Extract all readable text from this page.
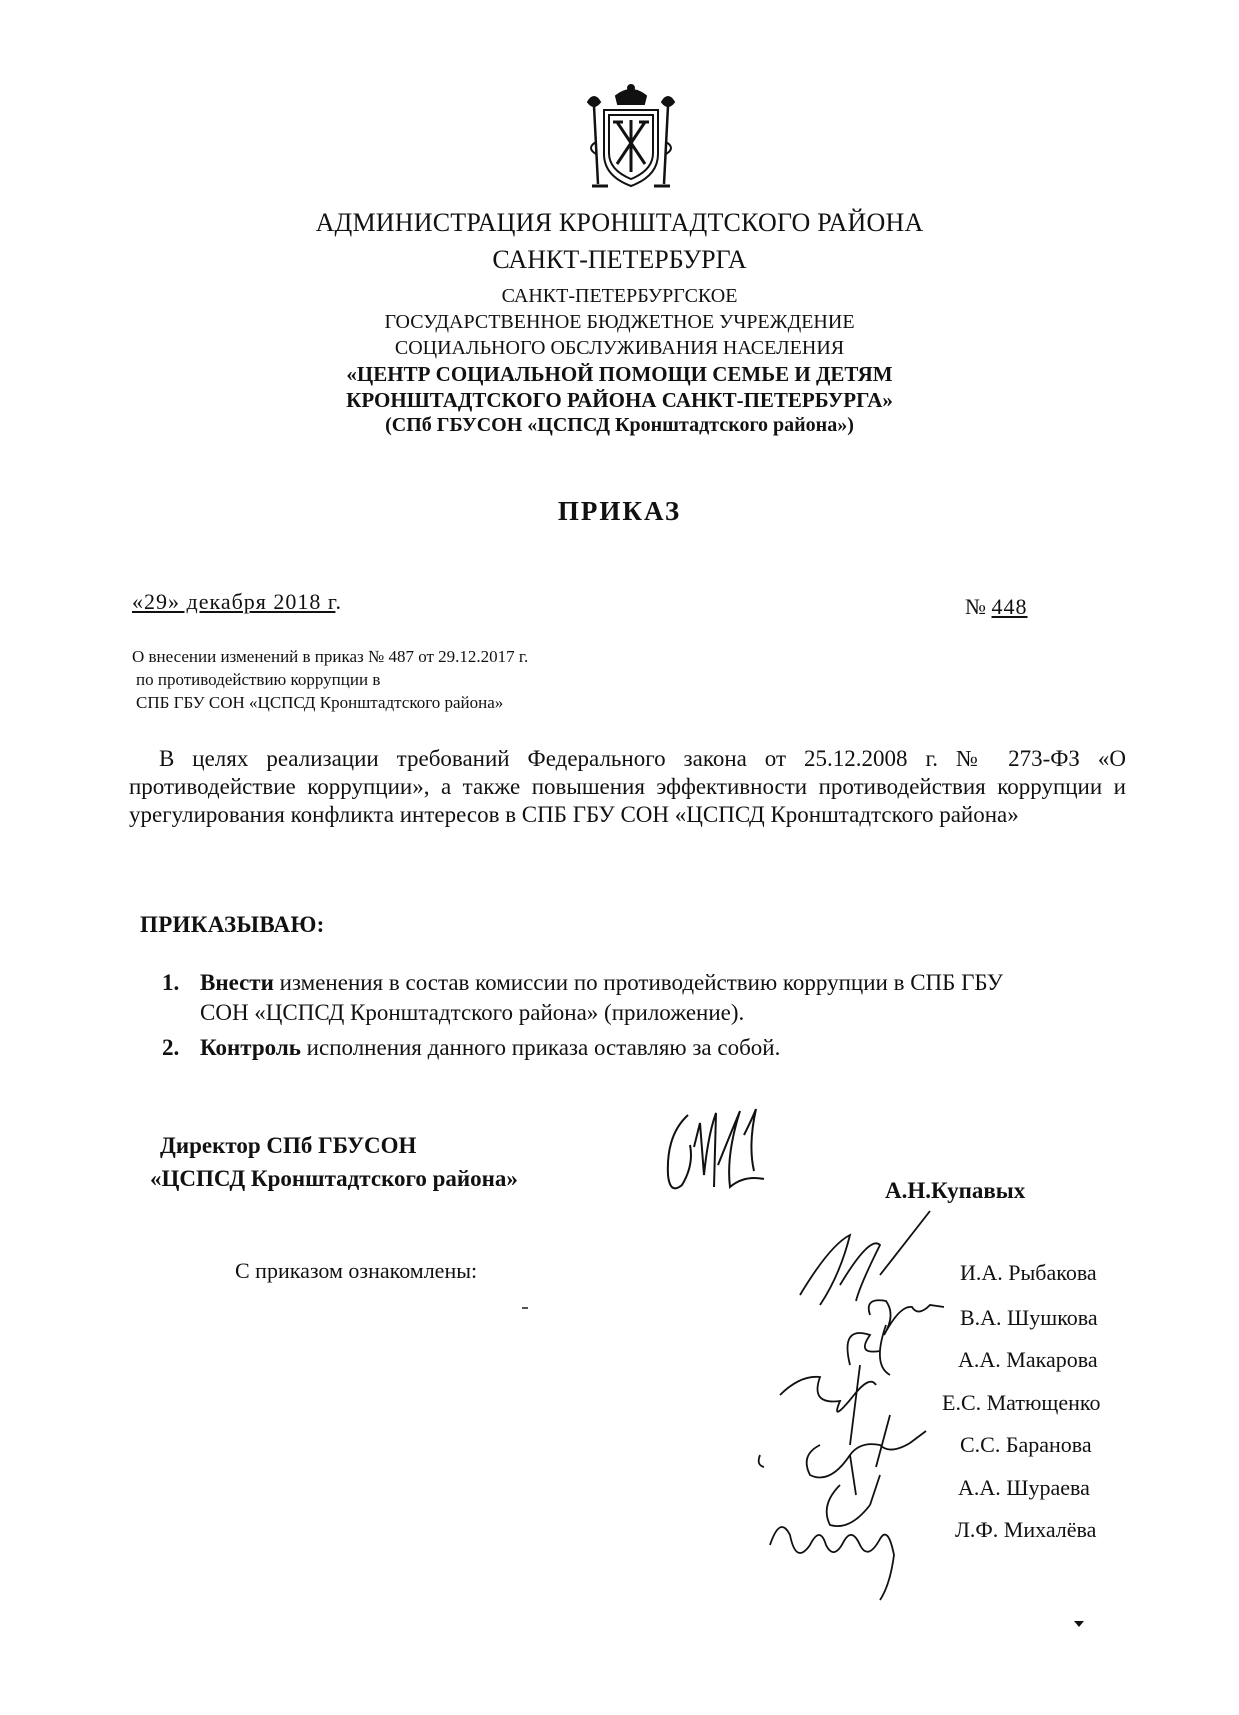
АДМИНИСТРАЦИЯ КРОНШТАДТСКОГО РАЙОНА
САНКТ-ПЕТЕРБУРГА
САНКТ-ПЕТЕРБУРГСКОЕ
ГОСУДАРСТВЕННОЕ БЮДЖЕТНОЕ УЧРЕЖДЕНИЕ
СОЦИАЛЬНОГО ОБСЛУЖИВАНИЯ НАСЕЛЕНИЯ
«ЦЕНТР СОЦИАЛЬНОЙ ПОМОЩИ СЕМЬЕ И ДЕТЯМ
КРОНШТАДТСКОГО РАЙОНА САНКТ-ПЕТЕРБУРГА»
(СПб ГБУСОН «ЦСПСД Кронштадтского района»)
ПРИКАЗ
«29» декабря 2018 г.	№ 448
О внесении изменений в приказ № 487 от 29.12.2017 г.
по противодействию коррупции в
СПБ ГБУ СОН «ЦСПСД Кронштадтского района»
В целях реализации требований Федерального закона от 25.12.2008 г. № 273-ФЗ «О противодействие коррупции», а также повышения эффективности противодействия коррупции и урегулирования конфликта интересов в СПБ ГБУ СОН «ЦСПСД Кронштадтского района»
ПРИКАЗЫВАЮ:
1. Внести изменения в состав комиссии по противодействию коррупции в СПБ ГБУ
СОН «ЦСПСД Кронштадтского района» (приложение).
2. Контроль исполнения данного приказа оставляю за собой.
Директор СПб ГБУСОН
«ЦСПСД Кронштадтского района»	А.Н.Купавых
С приказом ознакомлены:	И.А. Рыбакова
В.А. Шушкова
А.А. Макарова
Е.С. Матющенко
С.С. Баранова
А.А. Шураева
Л.Ф. Михалёва
